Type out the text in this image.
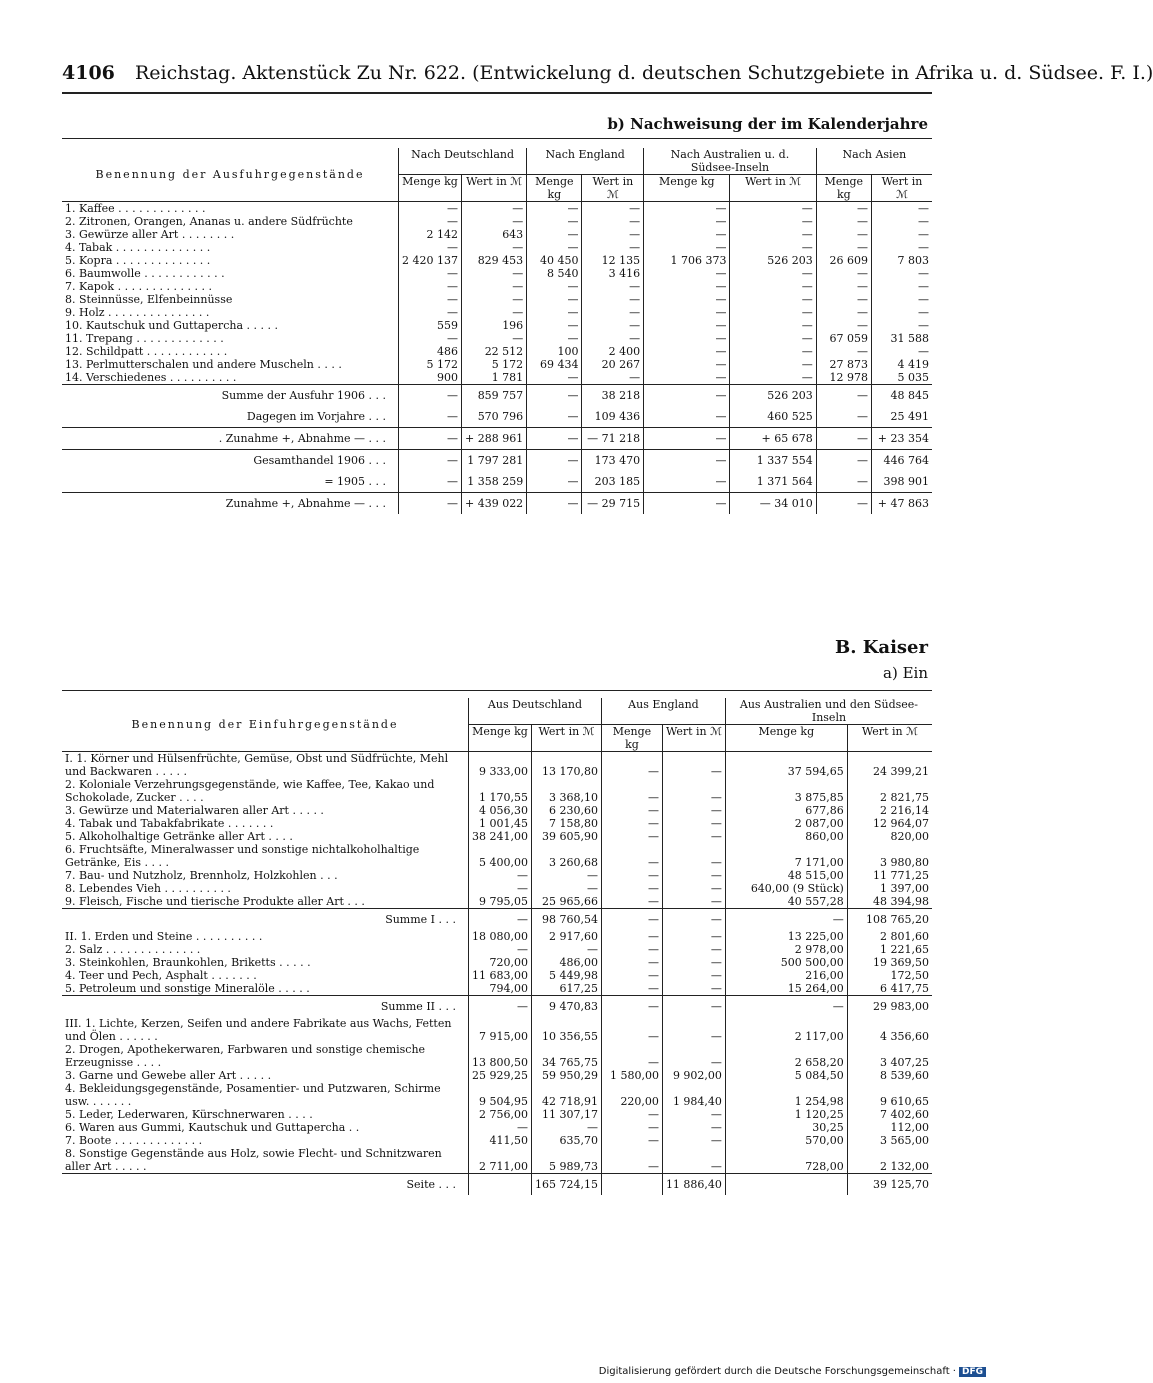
4106 Reichstag. Aktenstück Zu Nr. 622. (Entwickelung d. deutschen Schutzgebiete in Afrika u. d. Südsee. F. I.)
b) Nachweisung der im Kalenderjahre
Benennung der Ausfuhrgegenstände	Nach Deutschland		Nach England		Nach Australien u. d. Südsee-Inseln		Nach Asien	
	Menge kg	Wert in ℳ	Menge kg	Wert in ℳ	Menge kg	Wert in ℳ	Menge kg	Wert in ℳ
1. Kaffee . . . . . . . . . . . . .	—	—	—	—	—	—	—	—
2. Zitronen, Orangen, Ananas u. andere Südfrüchte	—	—	—	—	—	—	—	—
3. Gewürze aller Art . . . . . . . .	2 142	643	—	—	—	—	—	—
4. Tabak . . . . . . . . . . . . . .	—	—	—	—	—	—	—	—
5. Kopra . . . . . . . . . . . . . .	2 420 137	829 453	40 450	12 135	1 706 373	526 203	26 609	7 803
6. Baumwolle . . . . . . . . . . . .	—	—	8 540	3 416	—	—	—	—
7. Kapok . . . . . . . . . . . . . .	—	—	—	—	—	—	—	—
8. Steinnüsse, Elfenbeinnüsse	—	—	—	—	—	—	—	—
9. Holz . . . . . . . . . . . . . . .	—	—	—	—	—	—	—	—
10. Kautschuk und Guttapercha . . . . .	559	196	—	—	—	—	—	—
11. Trepang . . . . . . . . . . . . .	—	—	—	—	—	—	67 059	31 588
12. Schildpatt . . . . . . . . . . . .	486	22 512	100	2 400	—	—	—	—
13. Perlmutterschalen und andere Muscheln . . . .	5 172	5 172	69 434	20 267	—	—	27 873	4 419
14. Verschiedenes . . . . . . . . . .	900	1 781	—	—	—	—	12 978	5 035
Summe der Ausfuhr 1906 . . .	—	859 757	—	38 218	—	526 203	—	48 845
Dagegen im Vorjahre . . .	—	570 796	—	109 436	—	460 525	—	25 491
. Zunahme +, Abnahme — . . .	—	+ 288 961	—	— 71 218	—	+ 65 678	—	+ 23 354
Gesamthandel 1906 . . .	—	1 797 281	—	173 470	—	1 337 554	—	446 764
= 1905 . . .	—	1 358 259	—	203 185	—	1 371 564	—	398 901
Zunahme +, Abnahme — . . .	—	+ 439 022	—	— 29 715	—	— 34 010	—	+ 47 863
B. Kaiser
a) Ein
Benennung der Einfuhrgegenstände	Aus Deutschland		Aus England		Aus Australien und den Südsee-Inseln	
	Menge kg	Wert in ℳ	Menge kg	Wert in ℳ	Menge kg	Wert in ℳ
I. 1. Körner und Hülsenfrüchte, Gemüse, Obst und Südfrüchte, Mehl und Backwaren . . . . .	9 333,00	13 170,80	—	—	37 594,65	24 399,21
2. Koloniale Verzehrungsgegenstände, wie Kaffee, Tee, Kakao und Schokolade, Zucker . . . .	1 170,55	3 368,10	—	—	3 875,85	2 821,75
3. Gewürze und Materialwaren aller Art . . . . .	4 056,30	6 230,60	—	—	677,86	2 216,14
4. Tabak und Tabakfabrikate . . . . . . .	1 001,45	7 158,80	—	—	2 087,00	12 964,07
5. Alkoholhaltige Getränke aller Art . . . .	38 241,00	39 605,90	—	—	860,00	820,00
6. Fruchtsäfte, Mineralwasser und sonstige nichtalkoholhaltige Getränke, Eis . . . .	5 400,00	3 260,68	—	—	7 171,00	3 980,80
7. Bau- und Nutzholz, Brennholz, Holzkohlen . . .	—	—	—	—	48 515,00	11 771,25
8. Lebendes Vieh . . . . . . . . . .	—	—	—	—	640,00 (9 Stück)	1 397,00
9. Fleisch, Fische und tierische Produkte aller Art . . .	9 795,05	25 965,66	—	—	40 557,28	48 394,98
Summe I . . .	—	98 760,54	—	—	—	108 765,20
II. 1. Erden und Steine . . . . . . . . . .	18 080,00	2 917,60	—	—	13 225,00	2 801,60
2. Salz . . . . . . . . . . . . . .	—	—	—	—	2 978,00	1 221,65
3. Steinkohlen, Braunkohlen, Briketts . . . . .	720,00	486,00	—	—	500 500,00	19 369,50
4. Teer und Pech, Asphalt . . . . . . .	11 683,00	5 449,98	—	—	216,00	172,50
5. Petroleum und sonstige Mineralöle . . . . .	794,00	617,25	—	—	15 264,00	6 417,75
Summe II . . .	—	9 470,83	—	—	—	29 983,00
III. 1. Lichte, Kerzen, Seifen und andere Fabrikate aus Wachs, Fetten und Ölen . . . . . .	7 915,00	10 356,55	—	—	2 117,00	4 356,60
2. Drogen, Apothekerwaren, Farbwaren und sonstige chemische Erzeugnisse . . . .	13 800,50	34 765,75	—	—	2 658,20	3 407,25
3. Garne und Gewebe aller Art . . . . .	25 929,25	59 950,29	1 580,00	9 902,00	5 084,50	8 539,60
4. Bekleidungsgegenstände, Posamentier- und Putzwaren, Schirme usw. . . . . . .	9 504,95	42 718,91	220,00	1 984,40	1 254,98	9 610,65
5. Leder, Lederwaren, Kürschnerwaren . . . .	2 756,00	11 307,17	—	—	1 120,25	7 402,60
6. Waren aus Gummi, Kautschuk und Guttapercha . .	—	—	—	—	30,25	112,00
7. Boote . . . . . . . . . . . . .	411,50	635,70	—	—	570,00	3 565,00
8. Sonstige Gegenstände aus Holz, sowie Flecht- und Schnitzwaren aller Art . . . . .	2 711,00	5 989,73	—	—	728,00	2 132,00
Seite . . .		165 724,15		11 886,40		39 125,70
Digitalisierung gefördert durch die Deutsche Forschungsgemeinschaft · DFG
